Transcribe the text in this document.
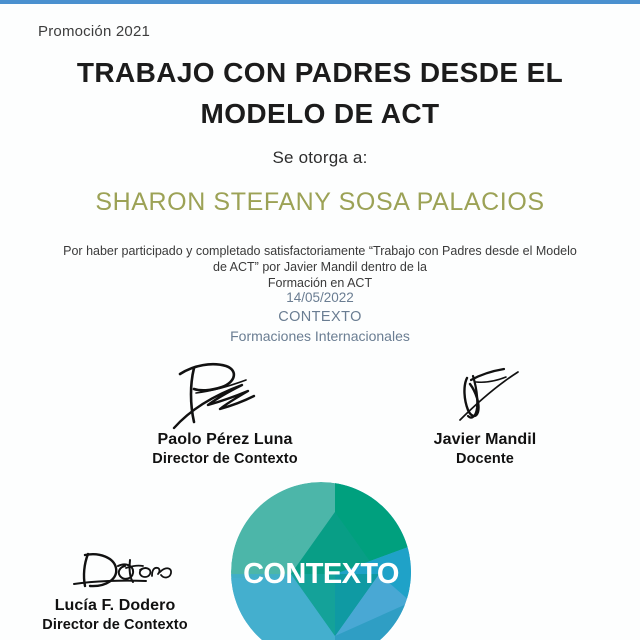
Promoción 2021
TRABAJO CON PADRES DESDE EL
MODELO DE ACT
Se otorga a:
SHARON STEFANY SOSA PALACIOS
Por haber participado y completado satisfactoriamente “Trabajo con Padres desde el Modelo
de ACT” por Javier Mandil dentro de la
Formación en ACT
14/05/2022
CONTEXTO
Formaciones Internacionales
Paolo Pérez Luna
Director de Contexto
Javier Mandil
Docente
Lucía F. Dodero
Director de Contexto
CONTEXTO
